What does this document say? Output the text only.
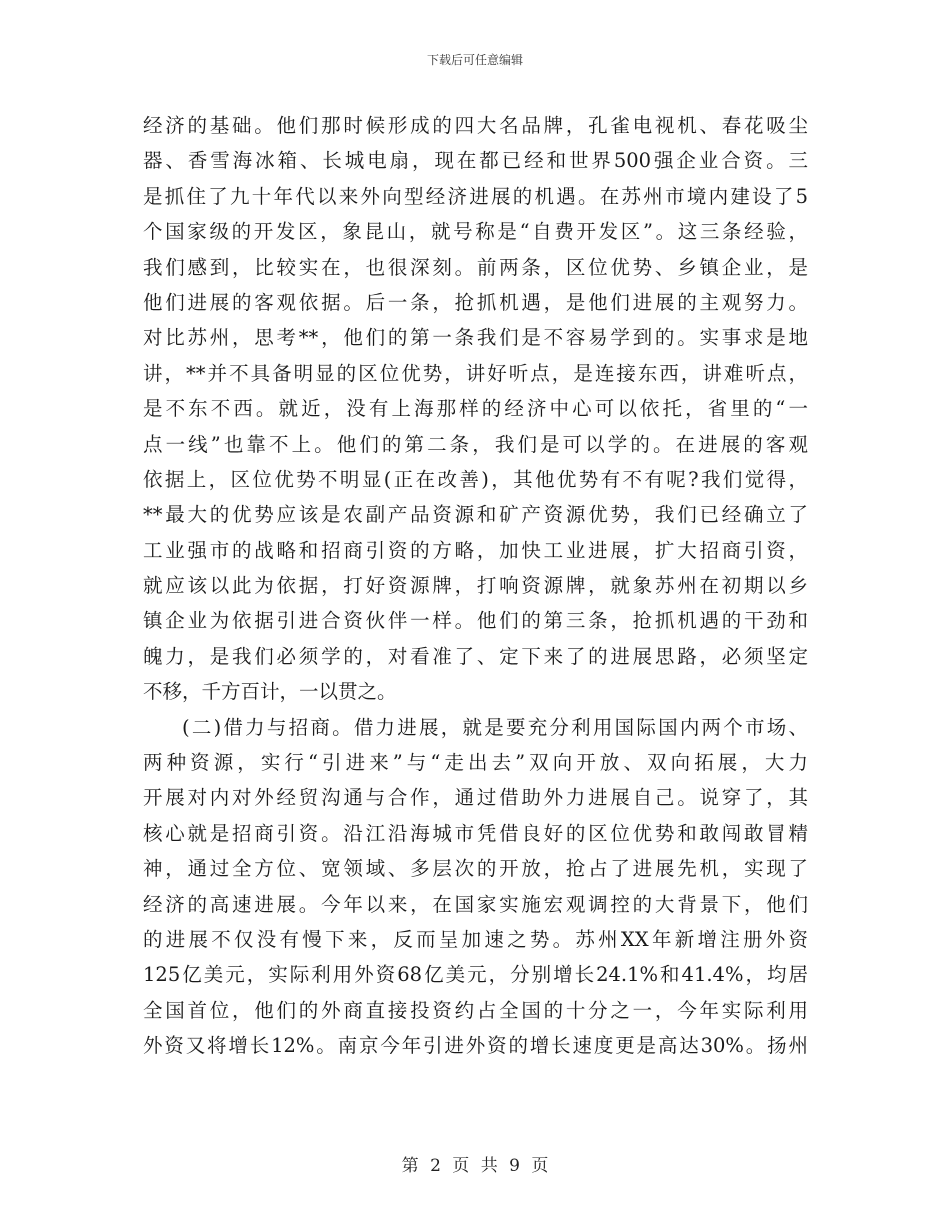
下载后可任意编辑
经济的基础。他们那时候形成的四大名品牌，孔雀电视机、春花吸尘
器、香雪海冰箱、长城电扇，现在都已经和世界500强企业合资。三
是抓住了九十年代以来外向型经济进展的机遇。在苏州市境内建设了5
个国家级的开发区，象昆山，就号称是“自费开发区”。这三条经验，
我们感到，比较实在，也很深刻。前两条，区位优势、乡镇企业，是
他们进展的客观依据。后一条，抢抓机遇，是他们进展的主观努力。
对比苏州，思考**，他们的第一条我们是不容易学到的。实事求是地
讲，**并不具备明显的区位优势，讲好听点，是连接东西，讲难听点，
是不东不西。就近，没有上海那样的经济中心可以依托，省里的“一
点一线”也靠不上。他们的第二条，我们是可以学的。在进展的客观
依据上，区位优势不明显(正在改善)，其他优势有不有呢?我们觉得，
**最大的优势应该是农副产品资源和矿产资源优势，我们已经确立了
工业强市的战略和招商引资的方略，加快工业进展，扩大招商引资，
就应该以此为依据，打好资源牌，打响资源牌，就象苏州在初期以乡
镇企业为依据引进合资伙伴一样。他们的第三条，抢抓机遇的干劲和
魄力，是我们必须学的，对看准了、定下来了的进展思路，必须坚定
不移，千方百计，一以贯之。
(二)借力与招商。借力进展，就是要充分利用国际国内两个市场、
两种资源，实行“引进来”与“走出去”双向开放、双向拓展，大力
开展对内对外经贸沟通与合作，通过借助外力进展自己。说穿了，其
核心就是招商引资。沿江沿海城市凭借良好的区位优势和敢闯敢冒精
神，通过全方位、宽领域、多层次的开放，抢占了进展先机，实现了
经济的高速进展。今年以来，在国家实施宏观调控的大背景下，他们
的进展不仅没有慢下来，反而呈加速之势。苏州XX年新增注册外资
125亿美元，实际利用外资68亿美元，分别增长24.1%和41.4%，均居
全国首位，他们的外商直接投资约占全国的十分之一，今年实际利用
外资又将增长12%。南京今年引进外资的增长速度更是高达30%。扬州
第 2 页 共 9 页
